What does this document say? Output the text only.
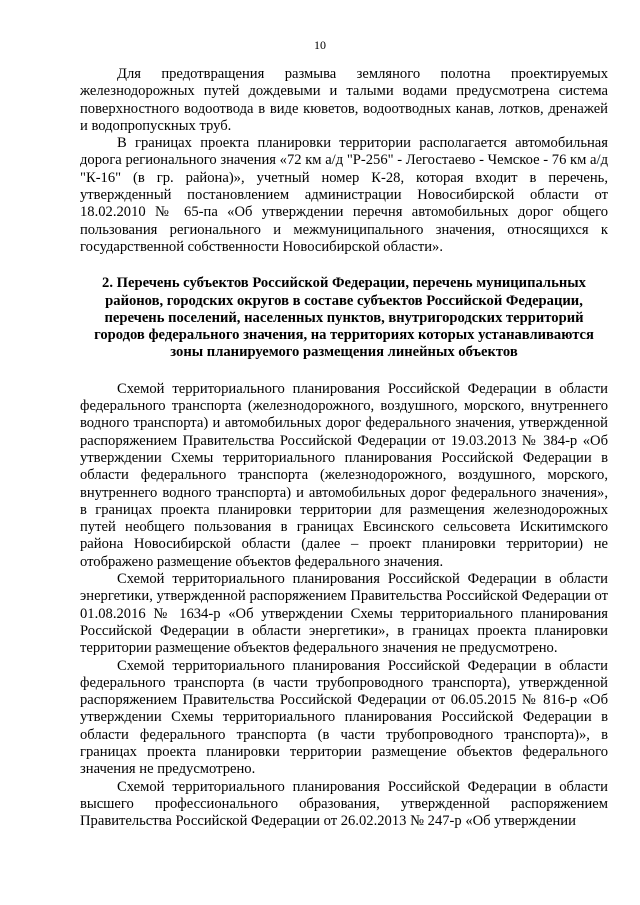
10

Для предотвращения размыва земляного полотна проектируемых железнодорожных путей дождевыми и талыми водами предусмотрена система поверхностного водоотвода в виде кюветов, водоотводных канав, лотков, дренажей и водопропускных труб.

В границах проекта планировки территории располагается автомобильная дорога регионального значения «72 км а/д "Р-256" - Легостаево - Чемское - 76 км а/д "К-16" (в гр. района)», учетный номер К-28, которая входит в перечень, утвержденный постановлением администрации Новосибирской области от 18.02.2010 № 65-па «Об утверждении перечня автомобильных дорог общего пользования регионального и межмуниципального значения, относящихся к государственной собственности Новосибирской области».

2. Перечень субъектов Российской Федерации, перечень муниципальных районов, городских округов в составе субъектов Российской Федерации, перечень поселений, населенных пунктов, внутригородских территорий городов федерального значения, на территориях которых устанавливаются зоны планируемого размещения линейных объектов

Схемой территориального планирования Российской Федерации в области федерального транспорта (железнодорожного, воздушного, морского, внутреннего водного транспорта) и автомобильных дорог федерального значения, утвержденной распоряжением Правительства Российской Федерации от 19.03.2013 № 384-р «Об утверждении Схемы территориального планирования Российской Федерации в области федерального транспорта (железнодорожного, воздушного, морского, внутреннего водного транспорта) и автомобильных дорог федерального значения», в границах проекта планировки территории для размещения железнодорожных путей необщего пользования в границах Евсинского сельсовета Искитимского района Новосибирской области (далее – проект планировки территории) не отображено размещение объектов федерального значения.

Схемой территориального планирования Российской Федерации в области энергетики, утвержденной распоряжением Правительства Российской Федерации от 01.08.2016 № 1634-р «Об утверждении Схемы территориального планирования Российской Федерации в области энергетики», в границах проекта планировки территории размещение объектов федерального значения не предусмотрено.

Схемой территориального планирования Российской Федерации в области федерального транспорта (в части трубопроводного транспорта), утвержденной распоряжением Правительства Российской Федерации от 06.05.2015 № 816-р «Об утверждении Схемы территориального планирования Российской Федерации в области федерального транспорта (в части трубопроводного транспорта)», в границах проекта планировки территории размещение объектов федерального значения не предусмотрено.

Схемой территориального планирования Российской Федерации в области высшего профессионального образования, утвержденной распоряжением Правительства Российской Федерации от 26.02.2013 № 247-р «Об утверждении
